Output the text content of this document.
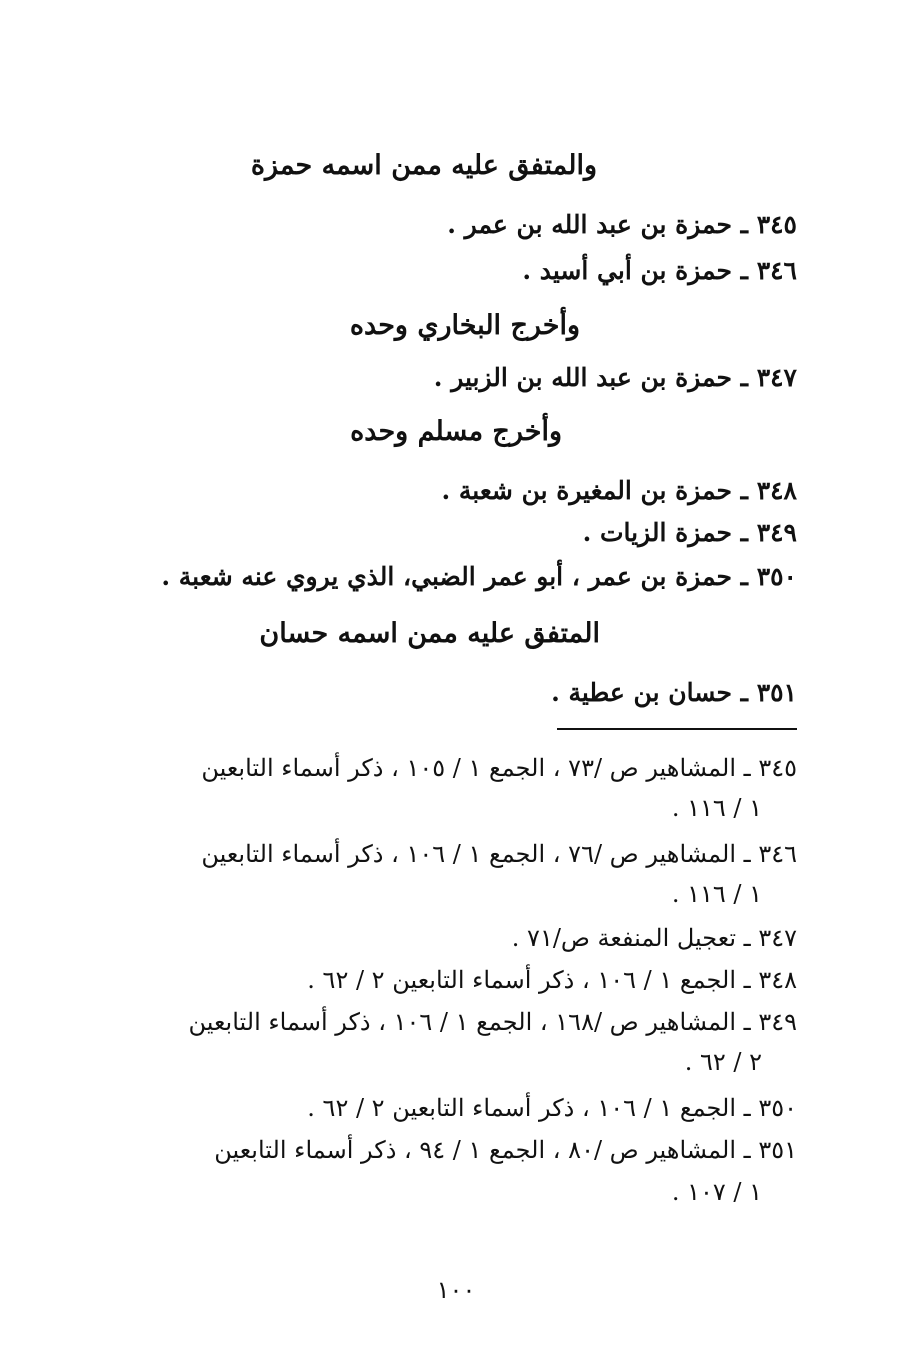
والمتفق عليه ممن اسمه حمزة
٣٤٥ ـ حمزة بن عبد الله بن عمر .
٣٤٦ ـ حمزة بن أبي أسيد .
وأخرج البخاري وحده
٣٤٧ ـ حمزة بن عبد الله بن الزبير .
وأخرج مسلم وحده
٣٤٨ ـ حمزة بن المغيرة بن شعبة .
٣٤٩ ـ حمزة الزيات .
٣٥٠ ـ حمزة بن عمر ، أبو عمر الضبي، الذي يروي عنه شعبة .
المتفق عليه ممن اسمه حسان
٣٥١ ـ حسان بن عطية .
٣٤٥ ـ المشاهير ص /٧٣ ، الجمع ١ / ١٠٥ ، ذكر أسماء التابعين
١ / ١١٦ .
٣٤٦ ـ المشاهير ص /٧٦ ، الجمع ١ / ١٠٦ ، ذكر أسماء التابعين
١ / ١١٦ .
٣٤٧ ـ تعجيل المنفعة ص/٧١ .
٣٤٨ ـ الجمع ١ / ١٠٦ ، ذكر أسماء التابعين ٢ / ٦٢ .
٣٤٩ ـ المشاهير ص /١٦٨ ، الجمع ١ / ١٠٦ ، ذكر أسماء التابعين
٢ / ٦٢ .
٣٥٠ ـ الجمع ١ / ١٠٦ ، ذكر أسماء التابعين ٢ / ٦٢ .
٣٥١ ـ المشاهير ص /٨٠ ، الجمع ١ / ٩٤ ، ذكر أسماء التابعين
١ / ١٠٧ .
١٠٠
